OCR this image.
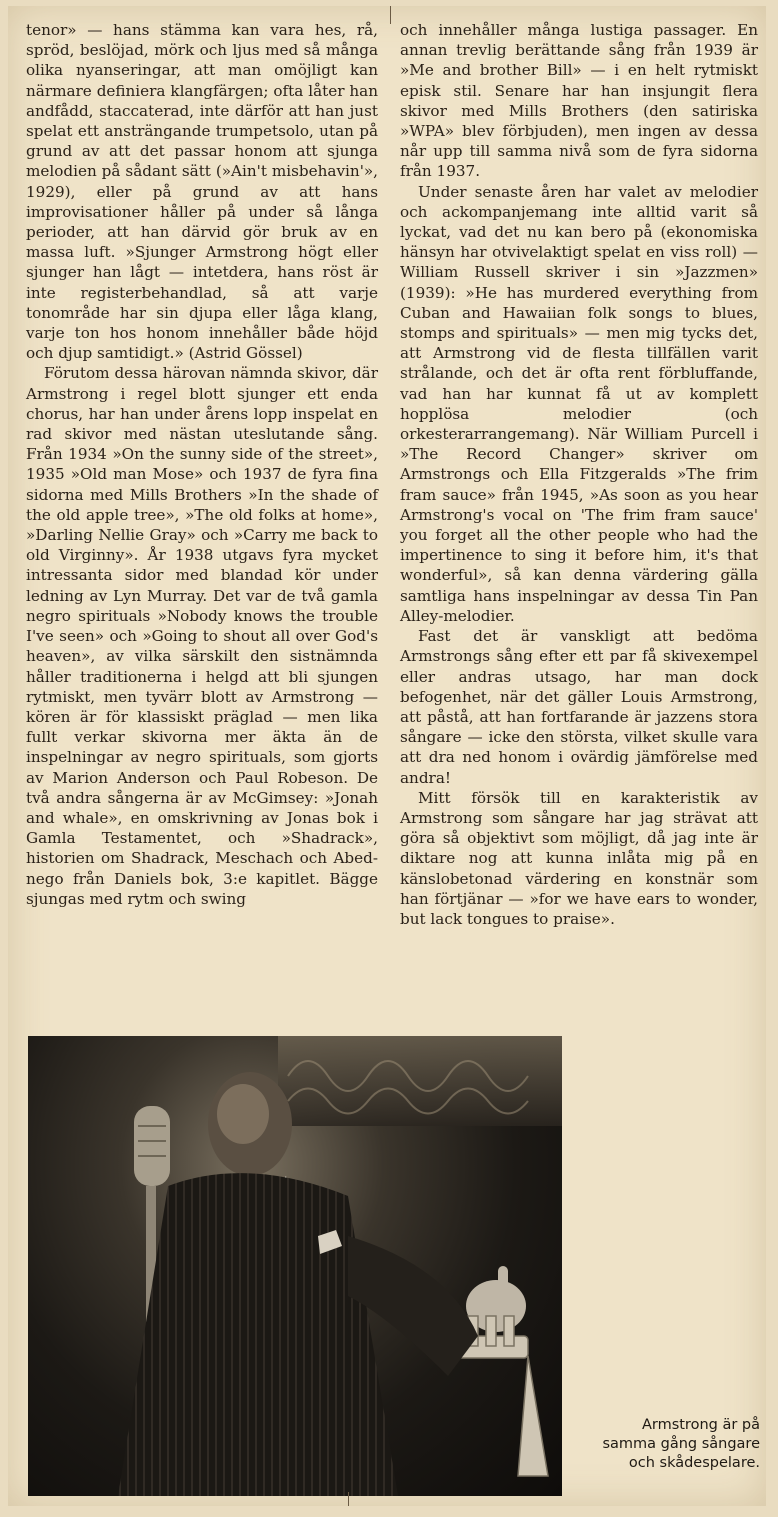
tenor» — hans stämma kan vara hes, rå, spröd, beslöjad, mörk och ljus med så många olika nyanseringar, att man omöjligt kan närmare definiera klangfärgen; ofta låter han andfådd, staccaterad, inte därför att han just spelat ett ansträngande trumpetsolo, utan på grund av att det passar honom att sjunga melodien på sådant sätt (»Ain't misbehavin'», 1929), eller på grund av att hans improvisationer håller på under så långa perioder, att han därvid gör bruk av en massa luft. »Sjunger Armstrong högt eller sjunger han lågt — intetdera, hans röst är inte registerbehandlad, så att varje tonområde har sin djupa eller låga klang, varje ton hos honom innehåller både höjd och djup samtidigt.» (Astrid Gössel)

Förutom dessa härovan nämnda skivor, där Armstrong i regel blott sjunger ett enda chorus, har han under årens lopp inspelat en rad skivor med nästan uteslutande sång. Från 1934 »On the sunny side of the street», 1935 »Old man Mose» och 1937 de fyra fina sidorna med Mills Brothers »In the shade of the old apple tree», »The old folks at home», »Darling Nellie Gray» och »Carry me back to old Virginny». År 1938 utgavs fyra mycket intressanta sidor med blandad kör under ledning av Lyn Murray. Det var de två gamla negro spirituals »Nobody knows the trouble I've seen» och »Going to shout all over God's heaven», av vilka särskilt den sistnämnda håller traditionerna i helgd att bli sjungen rytmiskt, men tyvärr blott av Armstrong — kören är för klassiskt präglad — men lika fullt verkar skivorna mer äkta än de inspelningar av negro spirituals, som gjorts av Marion Anderson och Paul Robeson. De två andra sångerna är av McGimsey: »Jonah and whale», en omskrivning av Jonas bok i Gamla Testamentet, och »Shadrack», historien om Shadrack, Meschach och Abed-nego från Daniels bok, 3:e kapitlet. Bägge sjungas med rytm och swing

och innehåller många lustiga passager. En annan trevlig berättande sång från 1939 är »Me and brother Bill» — i en helt rytmiskt episk stil. Senare har han insjungit flera skivor med Mills Brothers (den satiriska »WPA» blev förbjuden), men ingen av dessa når upp till samma nivå som de fyra sidorna från 1937.

Under senaste åren har valet av melodier och ackompanjemang inte alltid varit så lyckat, vad det nu kan bero på (ekonomiska hänsyn har otvivelaktigt spelat en viss roll) — William Russell skriver i sin »Jazzmen» (1939): »He has murdered everything from Cuban and Hawaiian folk songs to blues, stomps and spirituals» — men mig tycks det, att Armstrong vid de flesta tillfällen varit strålande, och det är ofta rent förbluffande, vad han har kunnat få ut av komplett hopplösa melodier (och orkesterarrangemang). När William Purcell i »The Record Changer» skriver om Armstrongs och Ella Fitzgeralds »The frim fram sauce» från 1945, »As soon as you hear Armstrong's vocal on 'The frim fram sauce' you forget all the other people who had the impertinence to sing it before him, it's that wonderful», så kan denna värdering gälla samtliga hans inspelningar av dessa Tin Pan Alley-melodier.

Fast det är vanskligt att bedöma Armstrongs sång efter ett par få skivexempel eller andras utsago, har man dock befogenhet, när det gäller Louis Armstrong, att påstå, att han fortfarande är jazzens stora sångare — icke den största, vilket skulle vara att dra ned honom i ovärdig jämförelse med andra!

Mitt försök till en karakteristik av Armstrong som sångare har jag strävat att göra så objektivt som möjligt, då jag inte är diktare nog att kunna inlåta mig på en känslobetonad värdering en konstnär som han förtjänar — »for we have ears to wonder, but lack tongues to praise».

Armstrong är på samma gång sångare och skådespelare.
